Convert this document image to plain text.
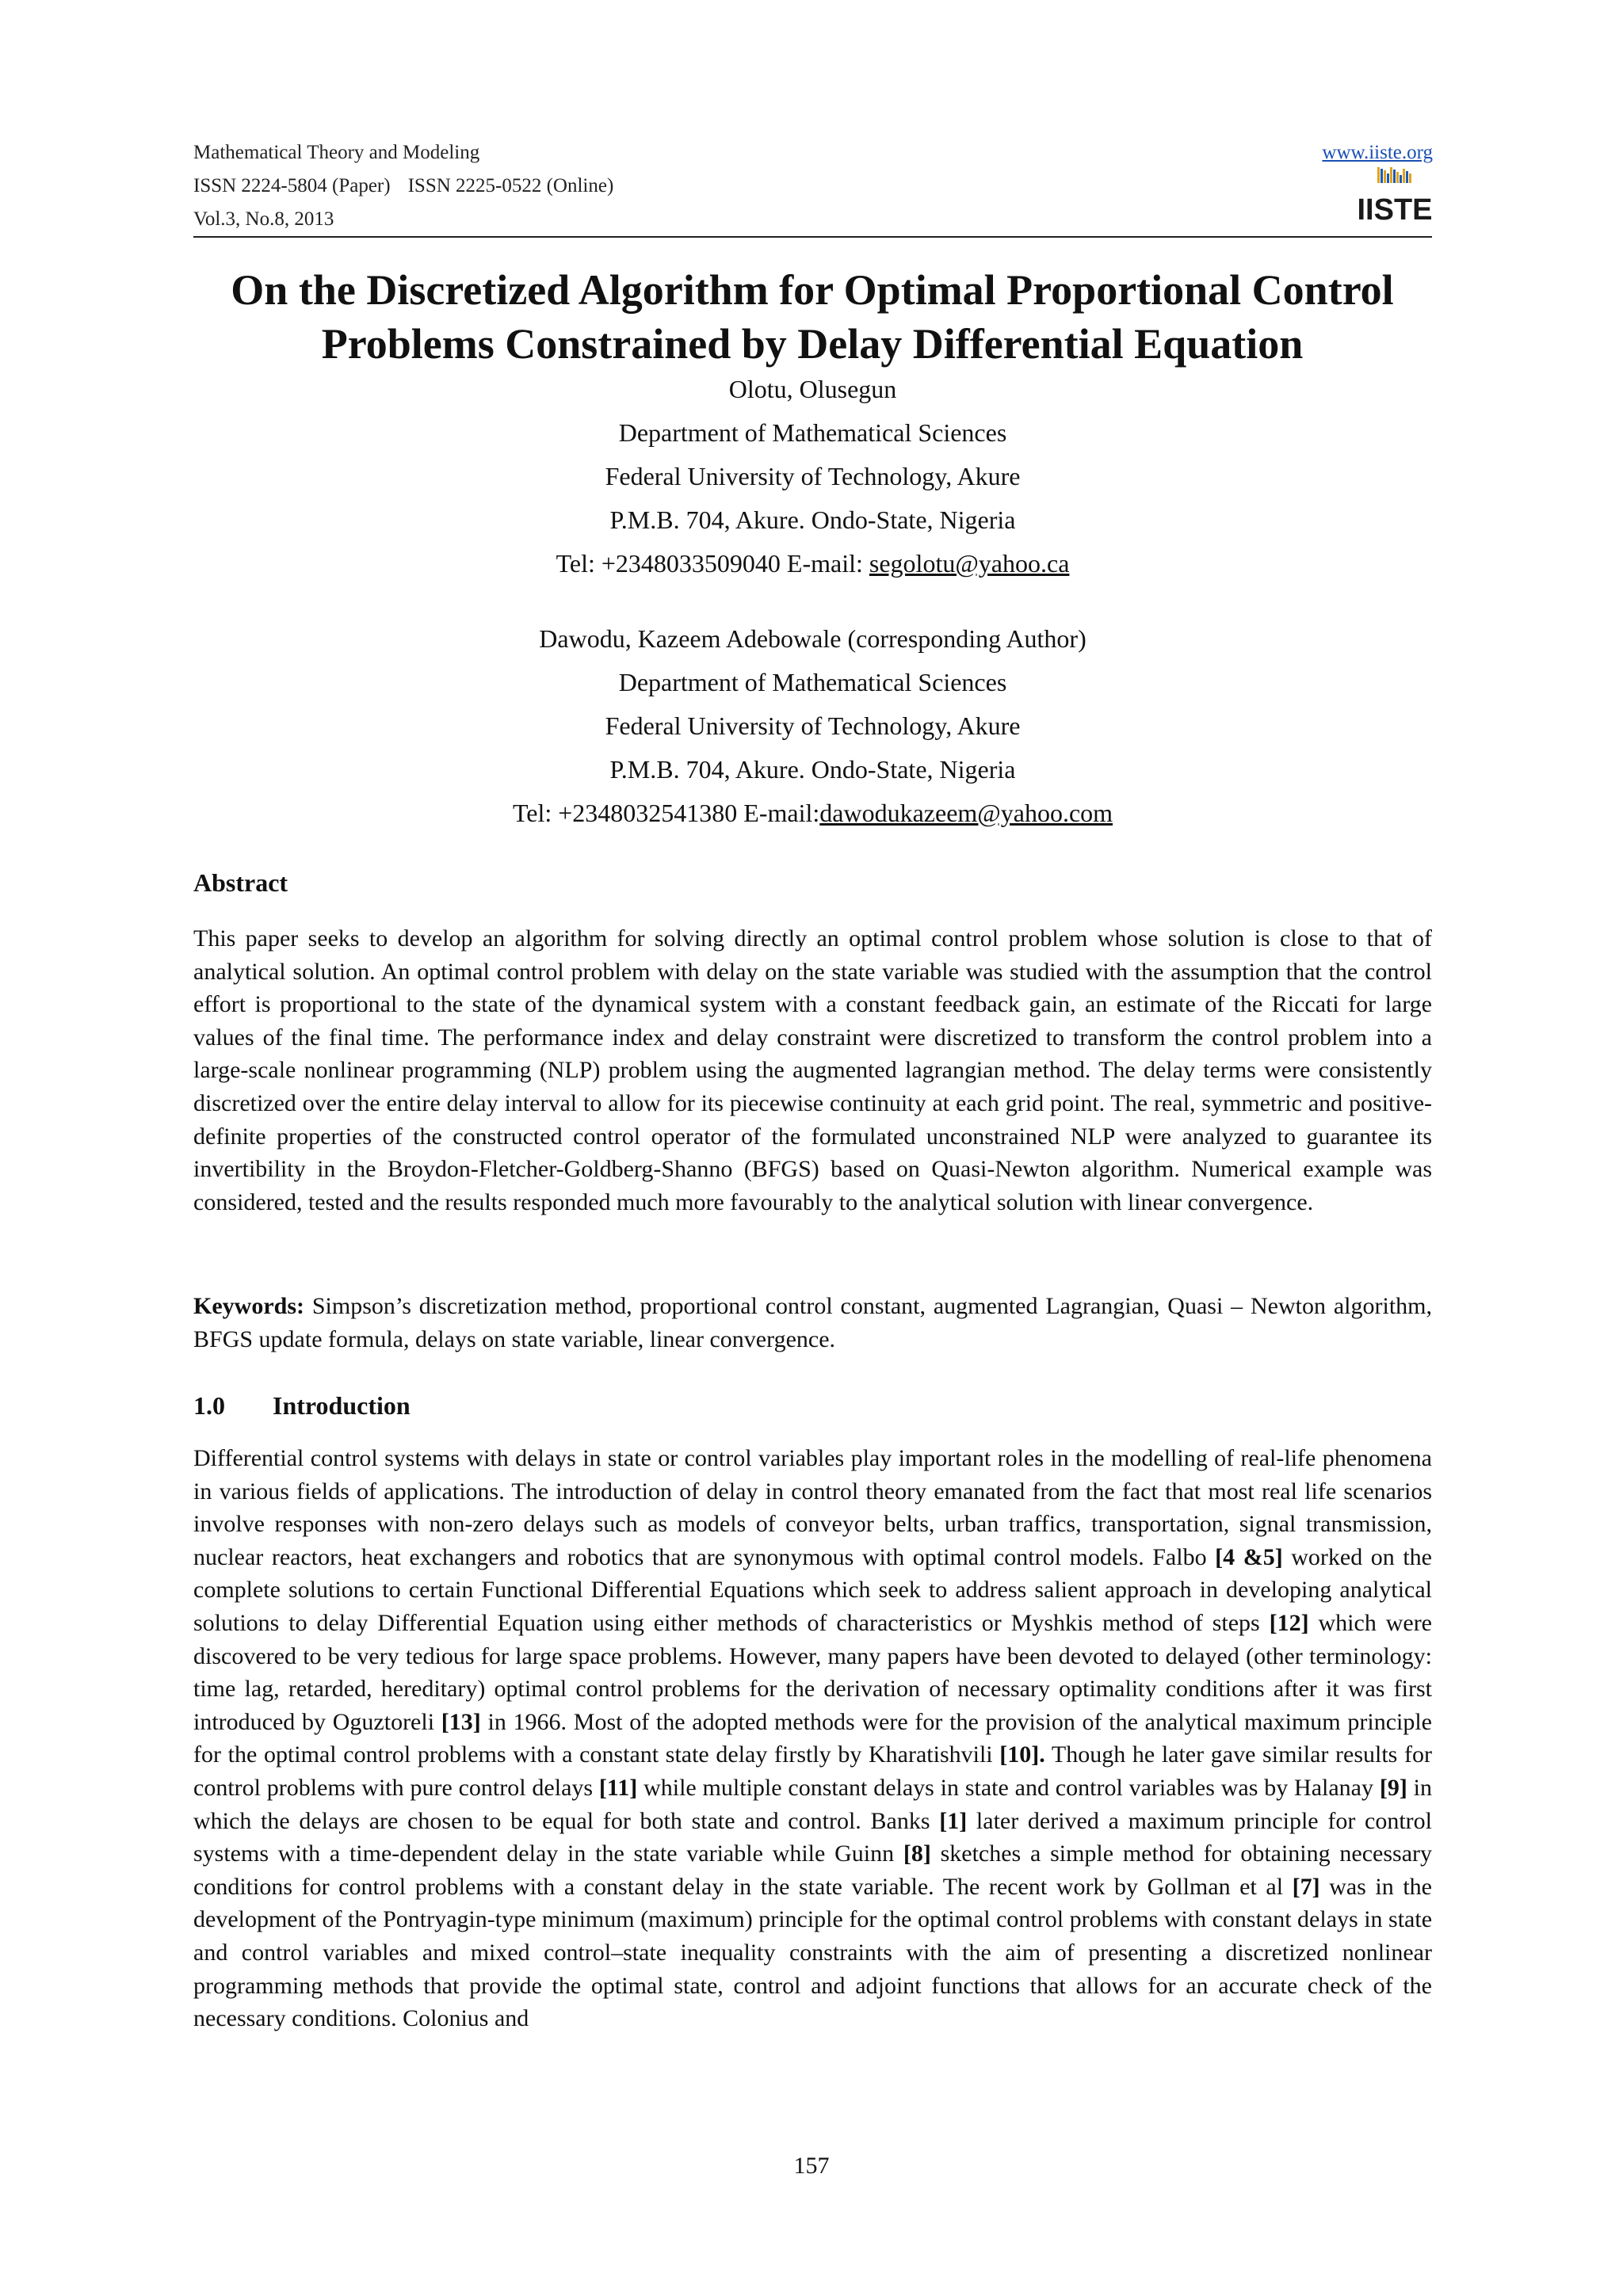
Mathematical Theory and Modeling
ISSN 2224-5804 (Paper) ISSN 2225-0522 (Online)
Vol.3, No.8, 2013
www.iiste.org
IISTE
On the Discretized Algorithm for Optimal Proportional Control
Problems Constrained by Delay Differential Equation
Olotu, Olusegun
Department of Mathematical Sciences
Federal University of Technology, Akure
P.M.B. 704, Akure. Ondo-State, Nigeria
Tel: +2348033509040 E-mail: segolotu@yahoo.ca
Dawodu, Kazeem Adebowale (corresponding Author)
Department of Mathematical Sciences
Federal University of Technology, Akure
P.M.B. 704, Akure. Ondo-State, Nigeria
Tel: +2348032541380 E-mail:dawodukazeem@yahoo.com
Abstract
This paper seeks to develop an algorithm for solving directly an optimal control problem whose solution is close to that of analytical solution. An optimal control problem with delay on the state variable was studied with the assumption that the control effort is proportional to the state of the dynamical system with a constant feedback gain, an estimate of the Riccati for large values of the final time. The performance index and delay constraint were discretized to transform the control problem into a large-scale nonlinear programming (NLP) problem using the augmented lagrangian method. The delay terms were consistently discretized over the entire delay interval to allow for its piecewise continuity at each grid point. The real, symmetric and positive-definite properties of the constructed control operator of the formulated unconstrained NLP were analyzed to guarantee its invertibility in the Broydon-Fletcher-Goldberg-Shanno (BFGS) based on Quasi-Newton algorithm. Numerical example was considered, tested and the results responded much more favourably to the analytical solution with linear convergence.
Keywords: Simpson’s discretization method, proportional control constant, augmented Lagrangian, Quasi – Newton algorithm, BFGS update formula, delays on state variable, linear convergence.
1.0 Introduction
Differential control systems with delays in state or control variables play important roles in the modelling of real-life phenomena in various fields of applications. The introduction of delay in control theory emanated from the fact that most real life scenarios involve responses with non-zero delays such as models of conveyor belts, urban traffics, transportation, signal transmission, nuclear reactors, heat exchangers and robotics that are synonymous with optimal control models. Falbo [4 &5] worked on the complete solutions to certain Functional Differential Equations which seek to address salient approach in developing analytical solutions to delay Differential Equation using either methods of characteristics or Myshkis method of steps [12] which were discovered to be very tedious for large space problems. However, many papers have been devoted to delayed (other terminology: time lag, retarded, hereditary) optimal control problems for the derivation of necessary optimality conditions after it was first introduced by Oguztoreli [13] in 1966. Most of the adopted methods were for the provision of the analytical maximum principle for the optimal control problems with a constant state delay firstly by Kharatishvili [10]. Though he later gave similar results for control problems with pure control delays [11] while multiple constant delays in state and control variables was by Halanay [9] in which the delays are chosen to be equal for both state and control. Banks [1] later derived a maximum principle for control systems with a time-dependent delay in the state variable while Guinn [8] sketches a simple method for obtaining necessary conditions for control problems with a constant delay in the state variable. The recent work by Gollman et al [7] was in the development of the Pontryagin-type minimum (maximum) principle for the optimal control problems with constant delays in state and control variables and mixed control–state inequality constraints with the aim of presenting a discretized nonlinear programming methods that provide the optimal state, control and adjoint functions that allows for an accurate check of the necessary conditions. Colonius and
157
